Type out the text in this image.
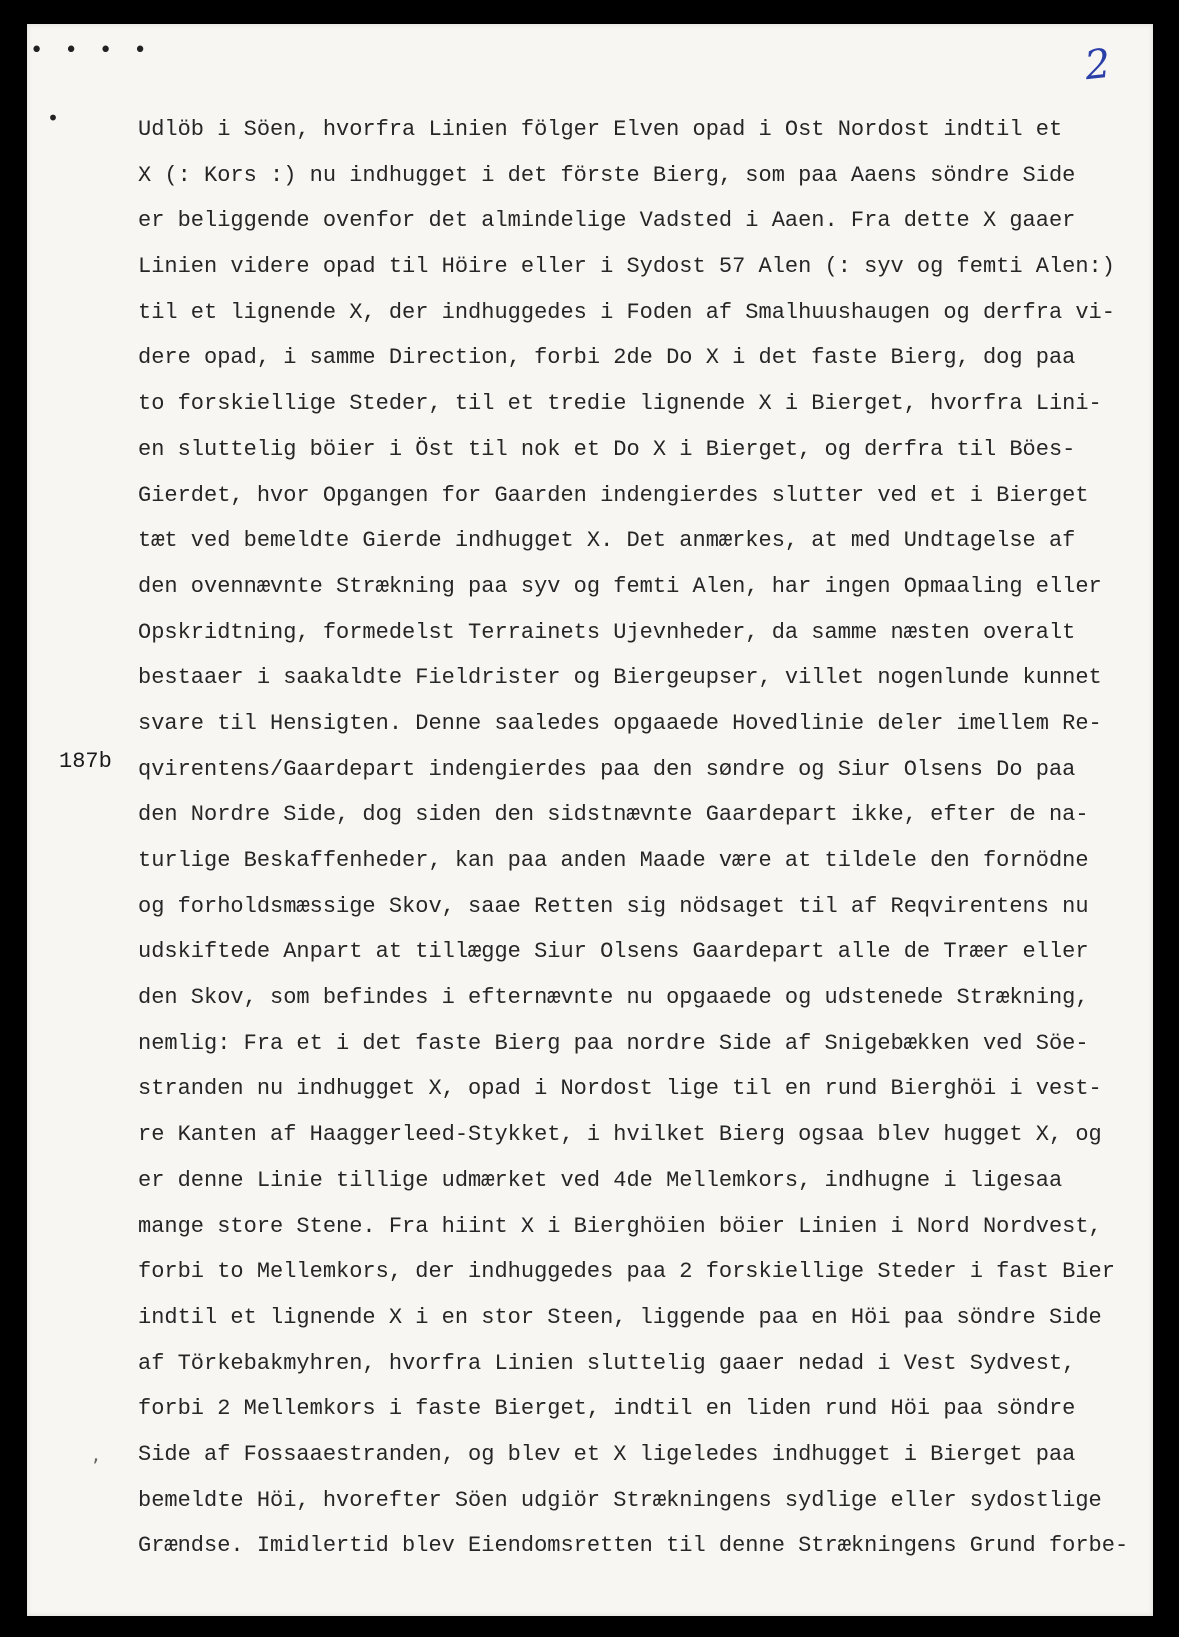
• • • •
•
2
187b
ʼ
Udlöb i Söen, hvorfra Linien fölger Elven opad i Ost Nordost indtil et
X (: Kors :) nu indhugget i det förste Bierg, som paa Aaens söndre Side
er beliggende ovenfor det almindelige Vadsted i Aaen. Fra dette X gaaer
Linien videre opad til Höire eller i Sydost 57 Alen (: syv og femti Alen:)
til et lignende X, der indhuggedes i Foden af Smalhuushaugen og derfra vi-
dere opad, i samme Direction, forbi 2de Do X i det faste Bierg, dog paa
to forskiellige Steder, til et tredie lignende X i Bierget, hvorfra Lini-
en sluttelig böier i Öst til nok et Do X i Bierget, og derfra til Böes-
Gierdet, hvor Opgangen for Gaarden indengierdes slutter ved et i Bierget
tæt ved bemeldte Gierde indhugget X. Det anmærkes, at med Undtagelse af
den ovennævnte Strækning paa syv og femti Alen, har ingen Opmaaling eller
Opskridtning, formedelst Terrainets Ujevnheder, da samme næsten overalt
bestaaer i saakaldte Fieldrister og Biergeupser, villet nogenlunde kunnet
svare til Hensigten. Denne saaledes opgaaede Hovedlinie deler imellem Re-
qvirentens/Gaardepart indengierdes paa den søndre og Siur Olsens Do paa
den Nordre Side, dog siden den sidstnævnte Gaardepart ikke, efter de na-
turlige Beskaffenheder, kan paa anden Maade være at tildele den fornödne
og forholdsmæssige Skov, saae Retten sig nödsaget til af Reqvirentens nu
udskiftede Anpart at tillægge Siur Olsens Gaardepart alle de Træer eller
den Skov, som befindes i efternævnte nu opgaaede og udstenede Strækning,
nemlig: Fra et i det faste Bierg paa nordre Side af Snigebækken ved Söe-
stranden nu indhugget X, opad i Nordost lige til en rund Bierghöi i vest-
re Kanten af Haaggerleed-Stykket, i hvilket Bierg ogsaa blev hugget X, og
er denne Linie tillige udmærket ved 4de Mellemkors, indhugne i ligesaa
mange store Stene. Fra hiint X i Bierghöien böier Linien i Nord Nordvest,
forbi to Mellemkors, der indhuggedes paa 2 forskiellige Steder i fast Bier
indtil et lignende X i en stor Steen, liggende paa en Höi paa söndre Side
af Törkebakmyhren, hvorfra Linien sluttelig gaaer nedad i Vest Sydvest,
forbi 2 Mellemkors i faste Bierget, indtil en liden rund Höi paa söndre
Side af Fossaaestranden, og blev et X ligeledes indhugget i Bierget paa
bemeldte Höi, hvorefter Söen udgiör Strækningens sydlige eller sydostlige
Grændse. Imidlertid blev Eiendomsretten til denne Strækningens Grund forbe-
